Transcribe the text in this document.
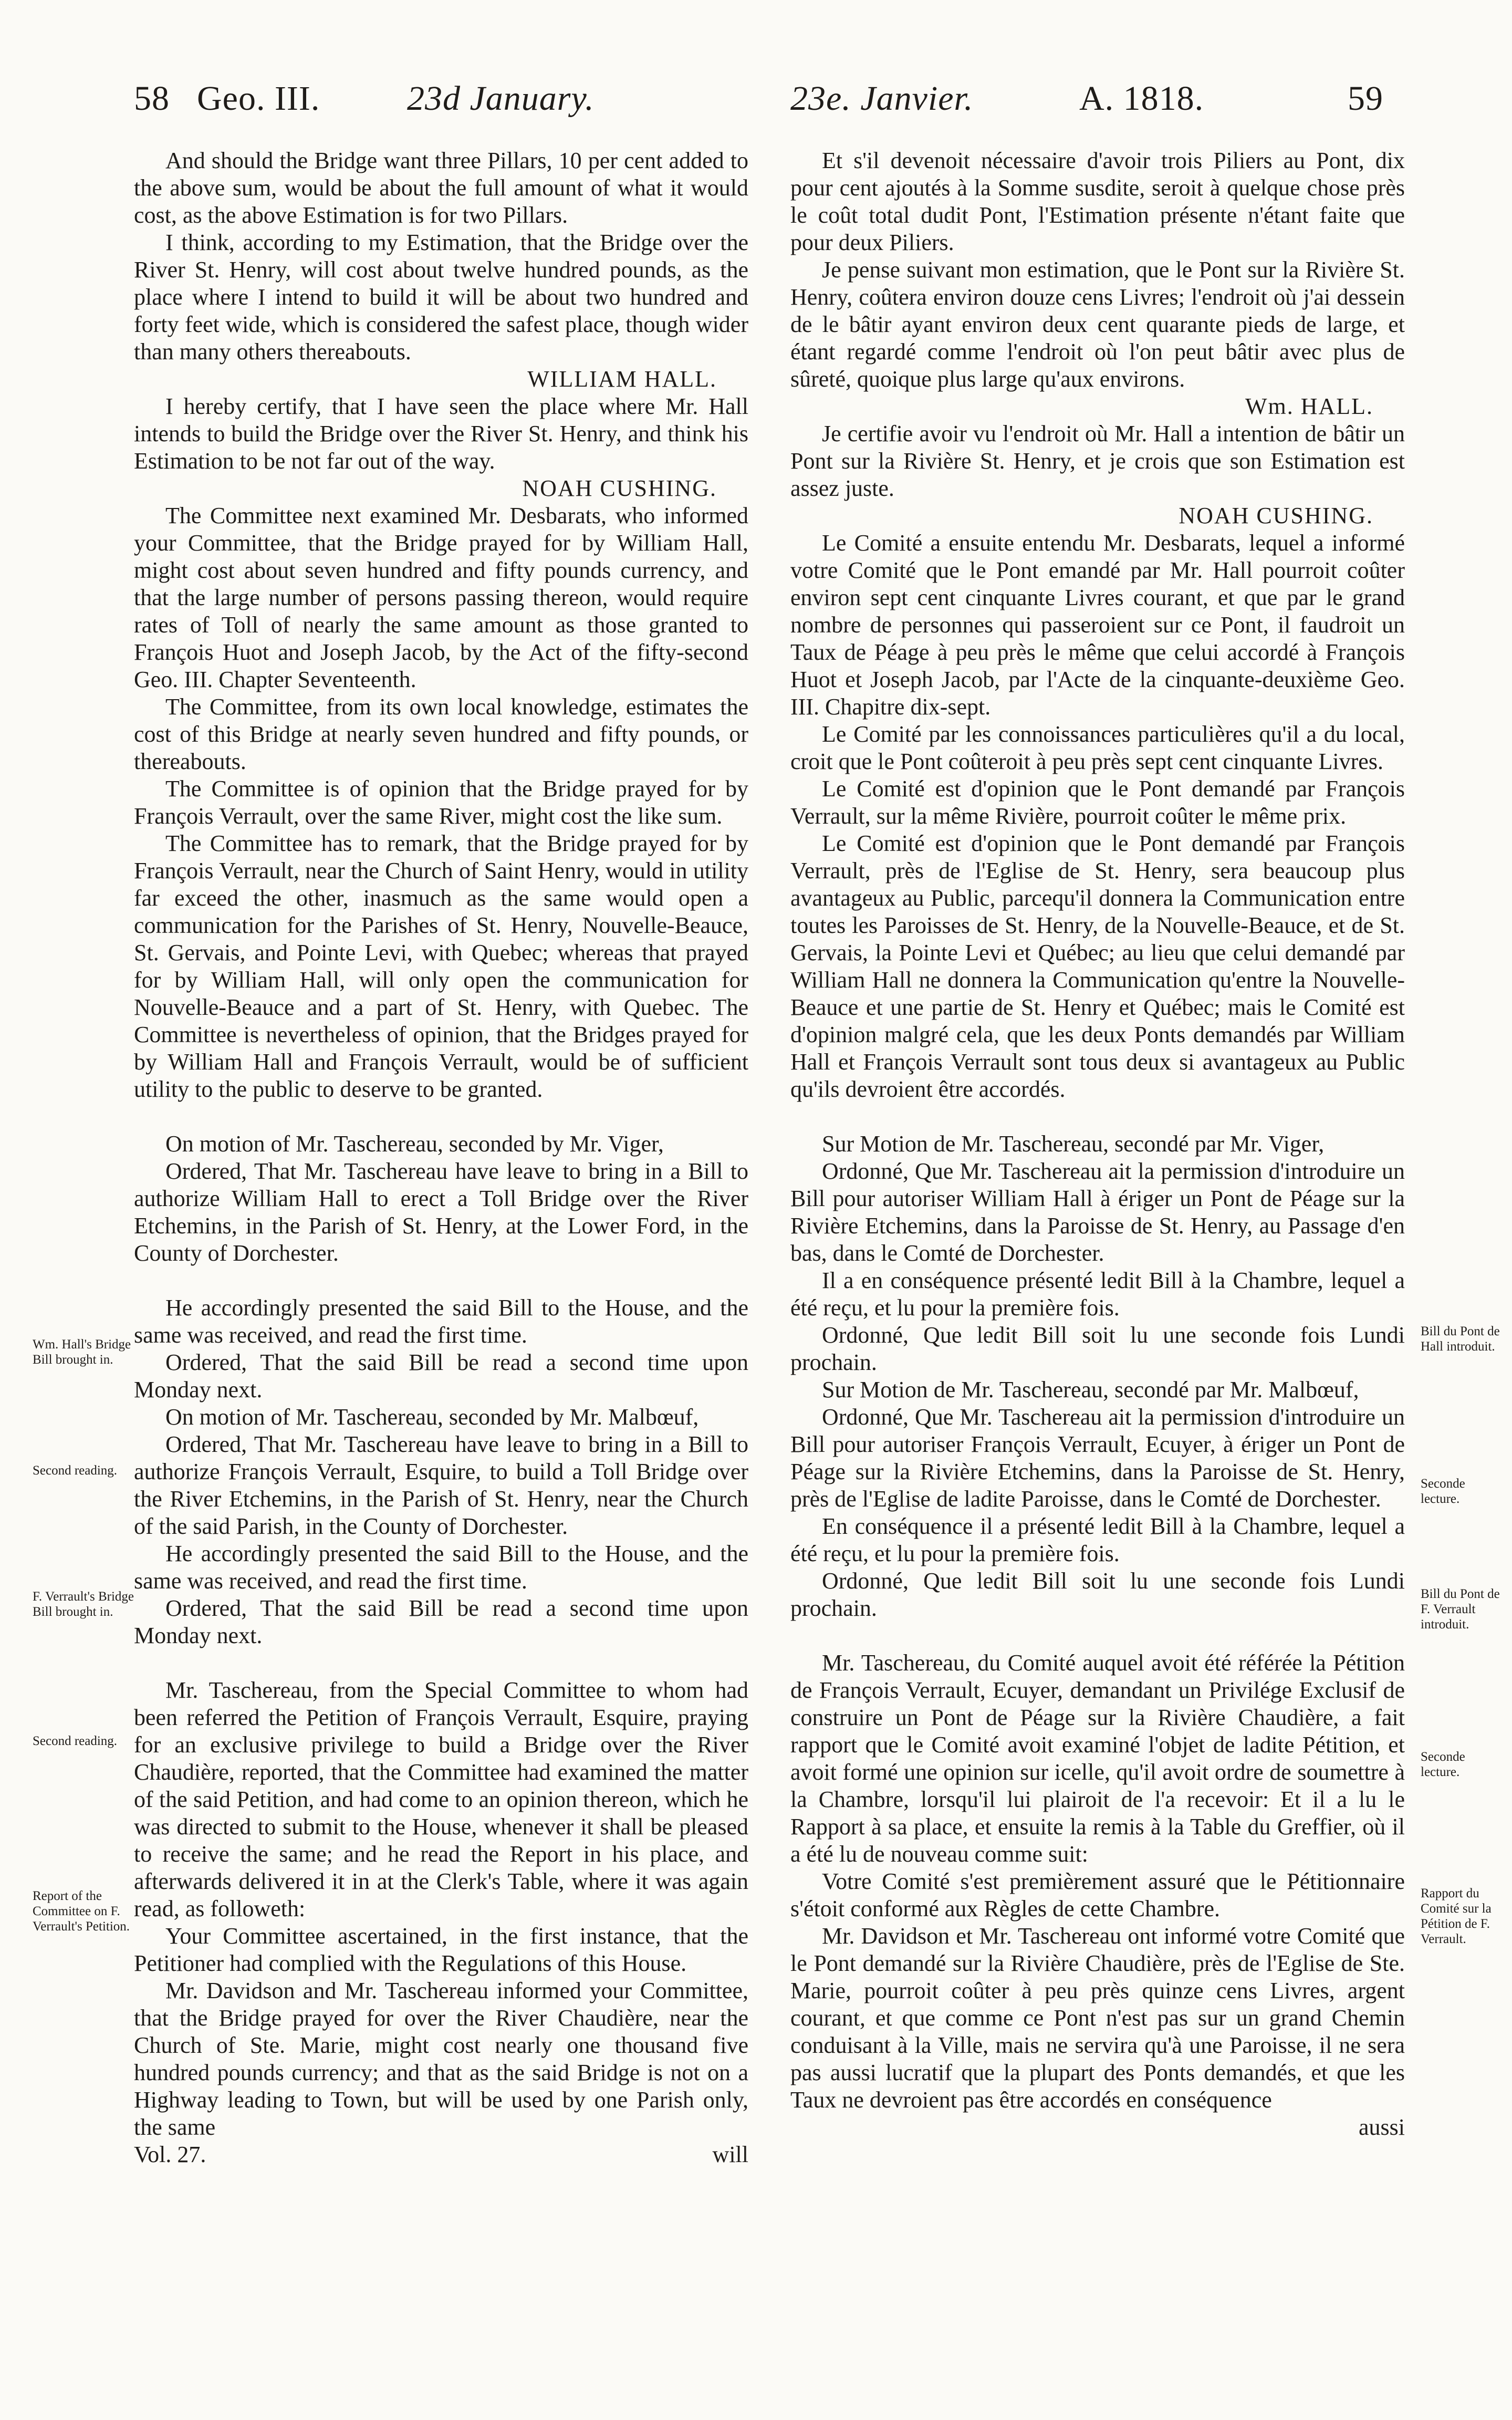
58 Geo. III.	23d January.	23e. Janvier.	A. 1818.	59

And should the Bridge want three Pillars, 10 per cent added to the above sum, would be about the full amount of what it would cost, as the above Estimation is for two Pillars.

I think, according to my Estimation, that the Bridge over the River St. Henry, will cost about twelve hundred pounds, as the place where I intend to build it will be about two hundred and forty feet wide, which is considered the safest place, though wider than many others thereabouts.

WILLIAM HALL.

I hereby certify, that I have seen the place where Mr. Hall intends to build the Bridge over the River St. Henry, and think his Estimation to be not far out of the way.

NOAH CUSHING.

The Committee next examined Mr. Desbarats, who informed your Committee, that the Bridge prayed for by William Hall, might cost about seven hundred and fifty pounds currency, and that the large number of persons passing thereon, would require rates of Toll of nearly the same amount as those granted to François Huot and Joseph Jacob, by the Act of the fifty-second Geo. III. Chapter Seventeenth.

The Committee, from its own local knowledge, estimates the cost of this Bridge at nearly seven hundred and fifty pounds, or thereabouts.

The Committee is of opinion that the Bridge prayed for by François Verrault, over the same River, might cost the like sum.

The Committee has to remark, that the Bridge prayed for by François Verrault, near the Church of Saint Henry, would in utility far exceed the other, inasmuch as the same would open a communication for the Parishes of St. Henry, Nouvelle-Beauce, St. Gervais, and Pointe Levi, with Quebec; whereas that prayed for by William Hall, will only open the communication for Nouvelle-Beauce and a part of St. Henry, with Quebec. The Committee is nevertheless of opinion, that the Bridges prayed for by William Hall and François Verrault, would be of sufficient utility to the public to deserve to be granted.

On motion of Mr. Taschereau, seconded by Mr. Viger,

Ordered, That Mr. Taschereau have leave to bring in a Bill to authorize William Hall to erect a Toll Bridge over the River Etchemins, in the Parish of St. Henry, at the Lower Ford, in the County of Dorchester.

He accordingly presented the said Bill to the House, and the same was received, and read the first time.

Ordered, That the said Bill be read a second time upon Monday next.

On motion of Mr. Taschereau, seconded by Mr. Malbœuf,

Ordered, That Mr. Taschereau have leave to bring in a Bill to authorize François Verrault, Esquire, to build a Toll Bridge over the River Etchemins, in the Parish of St. Henry, near the Church of the said Parish, in the County of Dorchester.

He accordingly presented the said Bill to the House, and the same was received, and read the first time.

Ordered, That the said Bill be read a second time upon Monday next.

Mr. Taschereau, from the Special Committee to whom had been referred the Petition of François Verrault, Esquire, praying for an exclusive privilege to build a Bridge over the River Chaudière, reported, that the Committee had examined the matter of the said Petition, and had come to an opinion thereon, which he was directed to submit to the House, whenever it shall be pleased to receive the same; and he read the Report in his place, and afterwards delivered it in at the Clerk's Table, where it was again read, as followeth:

Your Committee ascertained, in the first instance, that the Petitioner had complied with the Regulations of this House.

Mr. Davidson and Mr. Taschereau informed your Committee, that the Bridge prayed for over the River Chaudière, near the Church of Ste. Marie, might cost nearly one thousand five hundred pounds currency; and that as the said Bridge is not on a Highway leading to Town, but will be used by one Parish only, the same

Vol. 27.	will

Et s'il devenoit nécessaire d'avoir trois Piliers au Pont, dix pour cent ajoutés à la Somme susdite, seroit à quelque chose près le coût total dudit Pont, l'Estimation présente n'étant faite que pour deux Piliers.

Je pense suivant mon estimation, que le Pont sur la Rivière St. Henry, coûtera environ douze cens Livres; l'endroit où j'ai dessein de le bâtir ayant environ deux cent quarante pieds de large, et étant regardé comme l'endroit où l'on peut bâtir avec plus de sûreté, quoique plus large qu'aux environs.

Wm. HALL.

Je certifie avoir vu l'endroit où Mr. Hall a intention de bâtir un Pont sur la Rivière St. Henry, et je crois que son Estimation est assez juste.

NOAH CUSHING.

Le Comité a ensuite entendu Mr. Desbarats, lequel a informé votre Comité que le Pont emandé par Mr. Hall pourroit coûter environ sept cent cinquante Livres courant, et que par le grand nombre de personnes qui passeroient sur ce Pont, il faudroit un Taux de Péage à peu près le même que celui accordé à François Huot et Joseph Jacob, par l'Acte de la cinquante-deuxième Geo. III. Chapitre dix-sept.

Le Comité par les connoissances particulières qu'il a du local, croit que le Pont coûteroit à peu près sept cent cinquante Livres.

Le Comité est d'opinion que le Pont demandé par François Verrault, sur la même Rivière, pourroit coûter le même prix.

Le Comité est d'opinion que le Pont demandé par François Verrault, près de l'Eglise de St. Henry, sera beaucoup plus avantageux au Public, parcequ'il donnera la Communication entre toutes les Paroisses de St. Henry, de la Nouvelle-Beauce, et de St. Gervais, la Pointe Levi et Québec; au lieu que celui demandé par William Hall ne donnera la Communication qu'entre la Nouvelle-Beauce et une partie de St. Henry et Québec; mais le Comité est d'opinion malgré cela, que les deux Ponts demandés par William Hall et François Verrault sont tous deux si avantageux au Public qu'ils devroient être accordés.

Sur Motion de Mr. Taschereau, secondé par Mr. Viger,

Ordonné, Que Mr. Taschereau ait la permission d'introduire un Bill pour autoriser William Hall à ériger un Pont de Péage sur la Rivière Etchemins, dans la Paroisse de St. Henry, au Passage d'en bas, dans le Comté de Dorchester.

Il a en conséquence présenté ledit Bill à la Chambre, lequel a été reçu, et lu pour la première fois.

Ordonné, Que ledit Bill soit lu une seconde fois Lundi prochain.

Sur Motion de Mr. Taschereau, secondé par Mr. Malbœuf,

Ordonné, Que Mr. Taschereau ait la permission d'introduire un Bill pour autoriser François Verrault, Ecuyer, à ériger un Pont de Péage sur la Rivière Etchemins, dans la Paroisse de St. Henry, près de l'Eglise de ladite Paroisse, dans le Comté de Dorchester.

En conséquence il a présenté ledit Bill à la Chambre, lequel a été reçu, et lu pour la première fois.

Ordonné, Que ledit Bill soit lu une seconde fois Lundi prochain.

Mr. Taschereau, du Comité auquel avoit été référée la Pétition de François Verrault, Ecuyer, demandant un Privilége Exclusif de construire un Pont de Péage sur la Rivière Chaudière, a fait rapport que le Comité avoit examiné l'objet de ladite Pétition, et avoit formé une opinion sur icelle, qu'il avoit ordre de soumettre à la Chambre, lorsqu'il lui plairoit de l'a recevoir: Et il a lu le Rapport à sa place, et ensuite la remis à la Table du Greffier, où il a été lu de nouveau comme suit:

Votre Comité s'est premièrement assuré que le Pétitionnaire s'étoit conformé aux Règles de cette Chambre.

Mr. Davidson et Mr. Taschereau ont informé votre Comité que le Pont demandé sur la Rivière Chaudière, près de l'Eglise de Ste. Marie, pourroit coûter à peu près quinze cens Livres, argent courant, et que comme ce Pont n'est pas sur un grand Chemin conduisant à la Ville, mais ne servira qu'à une Paroisse, il ne sera pas aussi lucratif que la plupart des Ponts demandés, et que les Taux ne devroient pas être accordés en conséquence

aussi
Wm. Hall's Bridge Bill brought in.
Second reading.
F. Verrault's Bridge Bill brought in.
Second reading.
Report of the Committee on F. Verrault's Petition.
Bill du Pont de Hall introduit.
Seconde lecture.
Bill du Pont de F. Verrault introduit.
Seconde lecture.
Rapport du Comité sur la Pétition de F. Verrault.
